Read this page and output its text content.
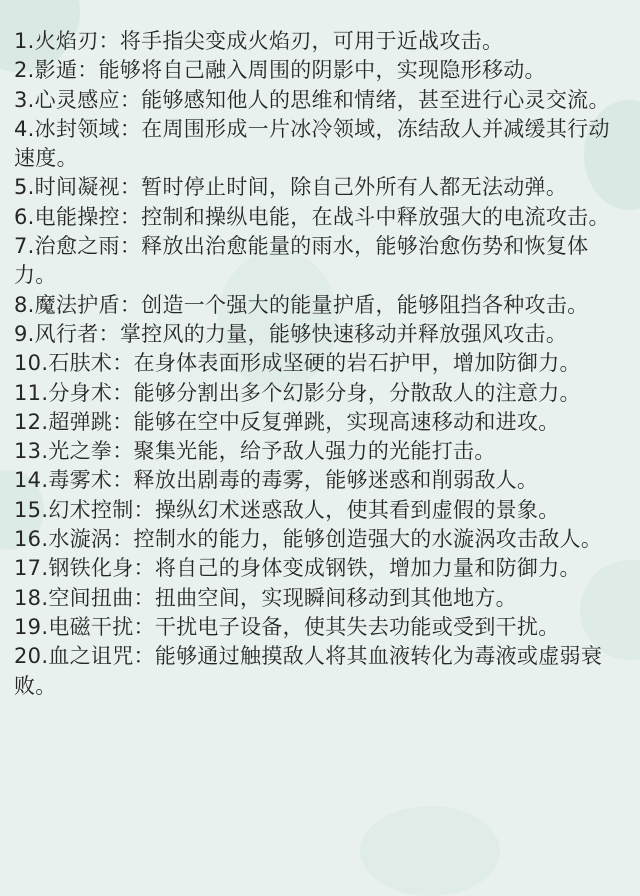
1.火焰刃：将手指尖变成火焰刃，可用于近战攻击。
2.影遁：能够将自己融入周围的阴影中，实现隐形移动。
3.心灵感应：能够感知他人的思维和情绪，甚至进行心灵交流。
4.冰封领域：在周围形成一片冰冷领域，冻结敌人并减缓其行动速度。
5.时间凝视：暂时停止时间，除自己外所有人都无法动弹。
6.电能操控：控制和操纵电能，在战斗中释放强大的电流攻击。
7.治愈之雨：释放出治愈能量的雨水，能够治愈伤势和恢复体力。
8.魔法护盾：创造一个强大的能量护盾，能够阻挡各种攻击。
9.风行者：掌控风的力量，能够快速移动并释放强风攻击。
10.石肤术：在身体表面形成坚硬的岩石护甲，增加防御力。
11.分身术：能够分割出多个幻影分身，分散敌人的注意力。
12.超弹跳：能够在空中反复弹跳，实现高速移动和进攻。
13.光之拳：聚集光能，给予敌人强力的光能打击。
14.毒雾术：释放出剧毒的毒雾，能够迷惑和削弱敌人。
15.幻术控制：操纵幻术迷惑敌人，使其看到虚假的景象。
16.水漩涡：控制水的能力，能够创造强大的水漩涡攻击敌人。
17.钢铁化身：将自己的身体变成钢铁，增加力量和防御力。
18.空间扭曲：扭曲空间，实现瞬间移动到其他地方。
19.电磁干扰：干扰电子设备，使其失去功能或受到干扰。
20.血之诅咒：能够通过触摸敌人将其血液转化为毒液或虚弱衰败。
